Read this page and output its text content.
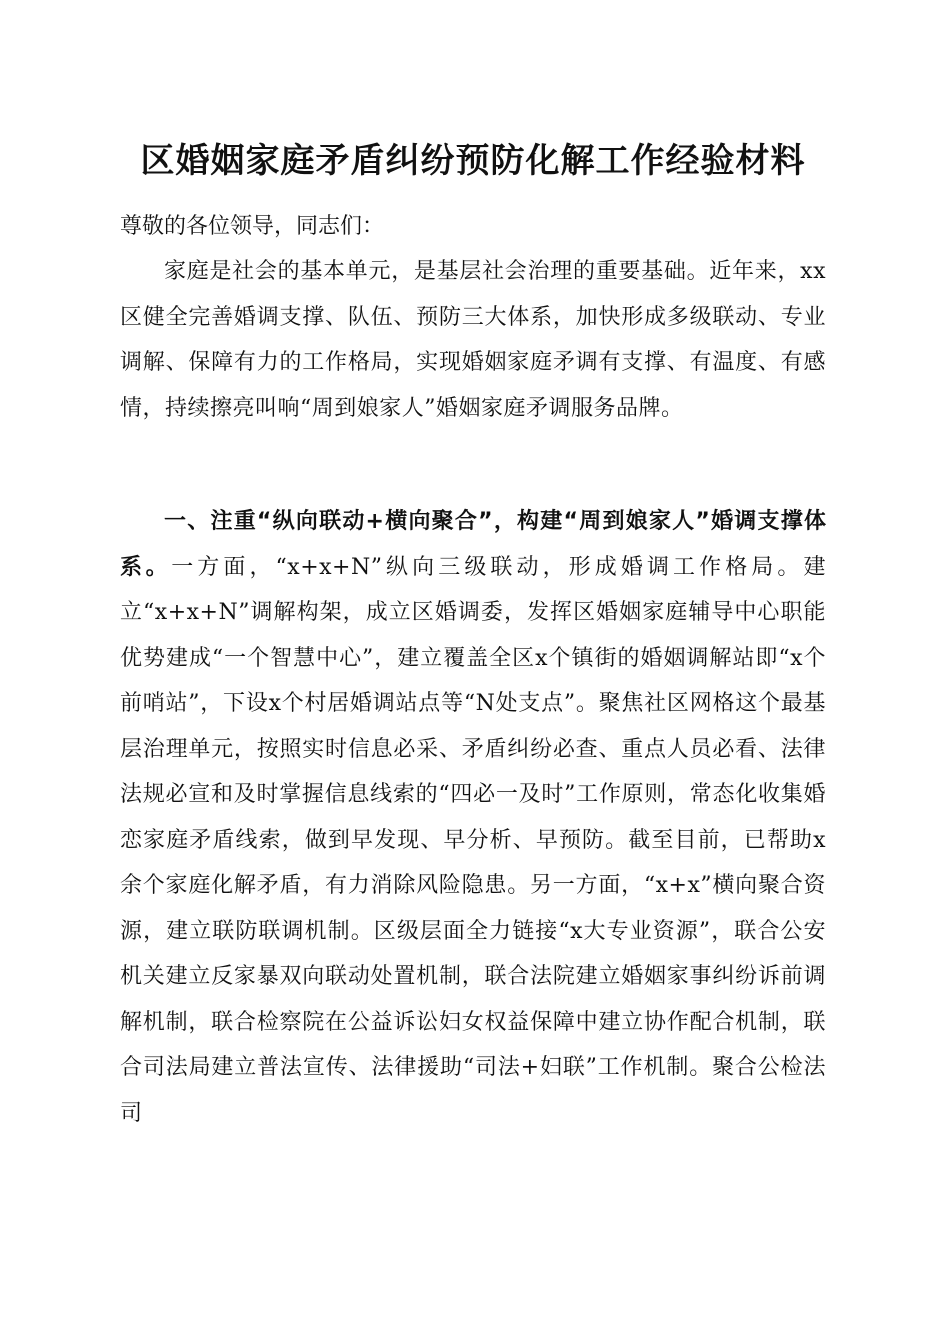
区婚姻家庭矛盾纠纷预防化解工作经验材料

尊敬的各位领导，同志们：

家庭是社会的基本单元，是基层社会治理的重要基础。近年来，xx区健全完善婚调支撑、队伍、预防三大体系，加快形成多级联动、专业调解、保障有力的工作格局，实现婚姻家庭矛调有支撑、有温度、有感情，持续擦亮叫响“周到娘家人”婚姻家庭矛调服务品牌。

一、注重“纵向联动+横向聚合”，构建“周到娘家人”婚调支撑体系。一方面，“x+x+N”纵向三级联动，形成婚调工作格局。建立“x+x+N”调解构架，成立区婚调委，发挥区婚姻家庭辅导中心职能优势建成“一个智慧中心”，建立覆盖全区x个镇街的婚姻调解站即“x个前哨站”，下设x个村居婚调站点等“N处支点”。聚焦社区网格这个最基层治理单元，按照实时信息必采、矛盾纠纷必查、重点人员必看、法律法规必宣和及时掌握信息线索的“四必一及时”工作原则，常态化收集婚恋家庭矛盾线索，做到早发现、早分析、早预防。截至目前，已帮助x余个家庭化解矛盾，有力消除风险隐患。另一方面，“x+x”横向聚合资源，建立联防联调机制。区级层面全力链接“x大专业资源”，联合公安机关建立反家暴双向联动处置机制，联合法院建立婚姻家事纠纷诉前调解机制，联合检察院在公益诉讼妇女权益保障中建立协作配合机制，联合司法局建立普法宣传、法律援助“司法+妇联”工作机制。聚合公检法司
